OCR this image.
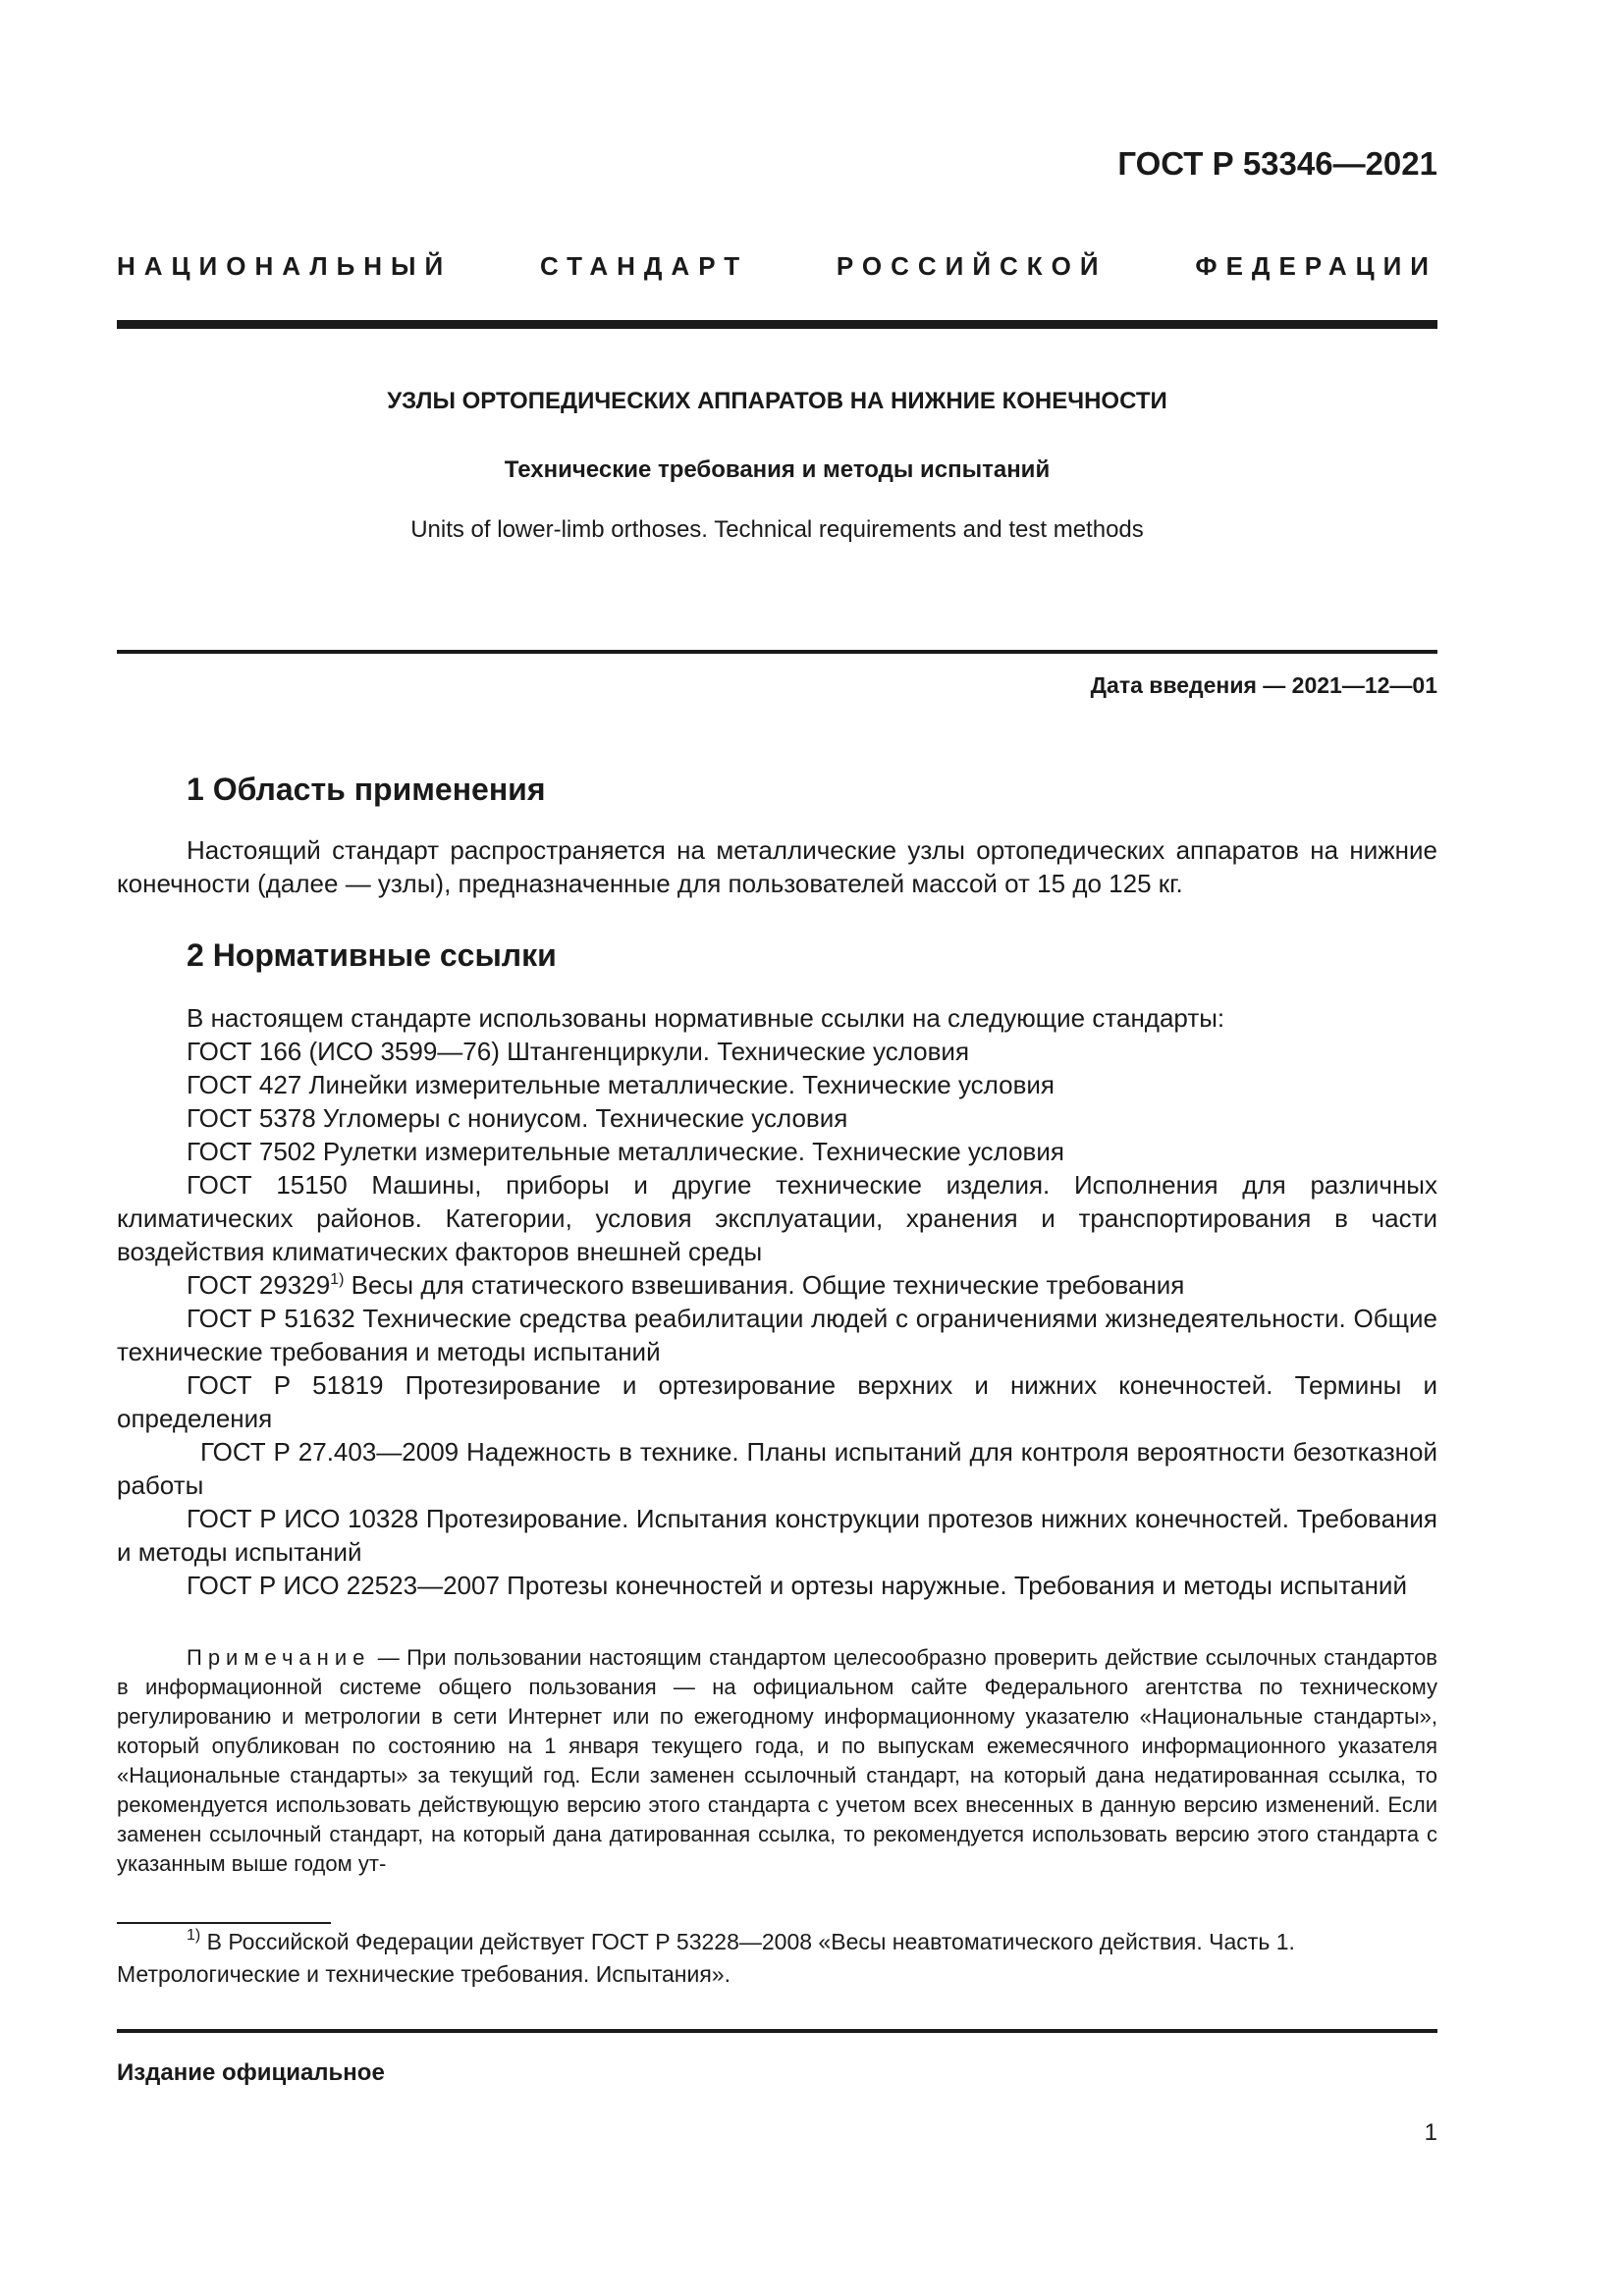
ГОСТ Р 53346—2021
НАЦИОНАЛЬНЫЙ СТАНДАРТ РОССИЙСКОЙ ФЕДЕРАЦИИ
УЗЛЫ ОРТОПЕДИЧЕСКИХ АППАРАТОВ НА НИЖНИЕ КОНЕЧНОСТИ
Технические требования и методы испытаний
Units of lower-limb orthoses. Technical requirements and test methods
Дата введения — 2021—12—01
1 Область применения

Настоящий стандарт распространяется на металлические узлы ортопедических аппаратов на нижние конечности (далее — узлы), предназначенные для пользователей массой от 15 до 125 кг.

2 Нормативные ссылки

В настоящем стандарте использованы нормативные ссылки на следующие стандарты:

ГОСТ 166 (ИСО 3599—76) Штангенциркули. Технические условия

ГОСТ 427 Линейки измерительные металлические. Технические условия

ГОСТ 5378 Угломеры с нониусом. Технические условия

ГОСТ 7502 Рулетки измерительные металлические. Технические условия

ГОСТ 15150 Машины, приборы и другие технические изделия. Исполнения для различных климатических районов. Категории, условия эксплуатации, хранения и транспортирования в части воздействия климатических факторов внешней среды

ГОСТ 29329$^{1)}$ Весы для статического взвешивания. Общие технические требования

ГОСТ Р 51632 Технические средства реабилитации людей с ограничениями жизнедеятельности. Общие технические требования и методы испытаний

ГОСТ Р 51819 Протезирование и ортезирование верхних и нижних конечностей. Термины и определения

ГОСТ Р 27.403—2009 Надежность в технике. Планы испытаний для контроля вероятности безотказной работы

ГОСТ Р ИСО 10328 Протезирование. Испытания конструкции протезов нижних конечностей. Требования и методы испытаний

ГОСТ Р ИСО 22523—2007 Протезы конечностей и ортезы наружные. Требования и методы испытаний

Примечание — При пользовании настоящим стандартом целесообразно проверить действие ссылочных стандартов в информационной системе общего пользования — на официальном сайте Федерального агентства по техническому регулированию и метрологии в сети Интернет или по ежегодному информационному указателю «Национальные стандарты», который опубликован по состоянию на 1 января текущего года, и по выпускам ежемесячного информационного указателя «Национальные стандарты» за текущий год. Если заменен ссылочный стандарт, на который дана недатированная ссылка, то рекомендуется использовать действующую версию этого стандарта с учетом всех внесенных в данную версию изменений. Если заменен ссылочный стандарт, на который дана датированная ссылка, то рекомендуется использовать версию этого стандарта с указанным выше годом ут-

$^{1)}$ В Российской Федерации действует ГОСТ Р 53228—2008 «Весы неавтоматического действия. Часть 1. Метрологические и технические требования. Испытания».

Издание официальное
1
